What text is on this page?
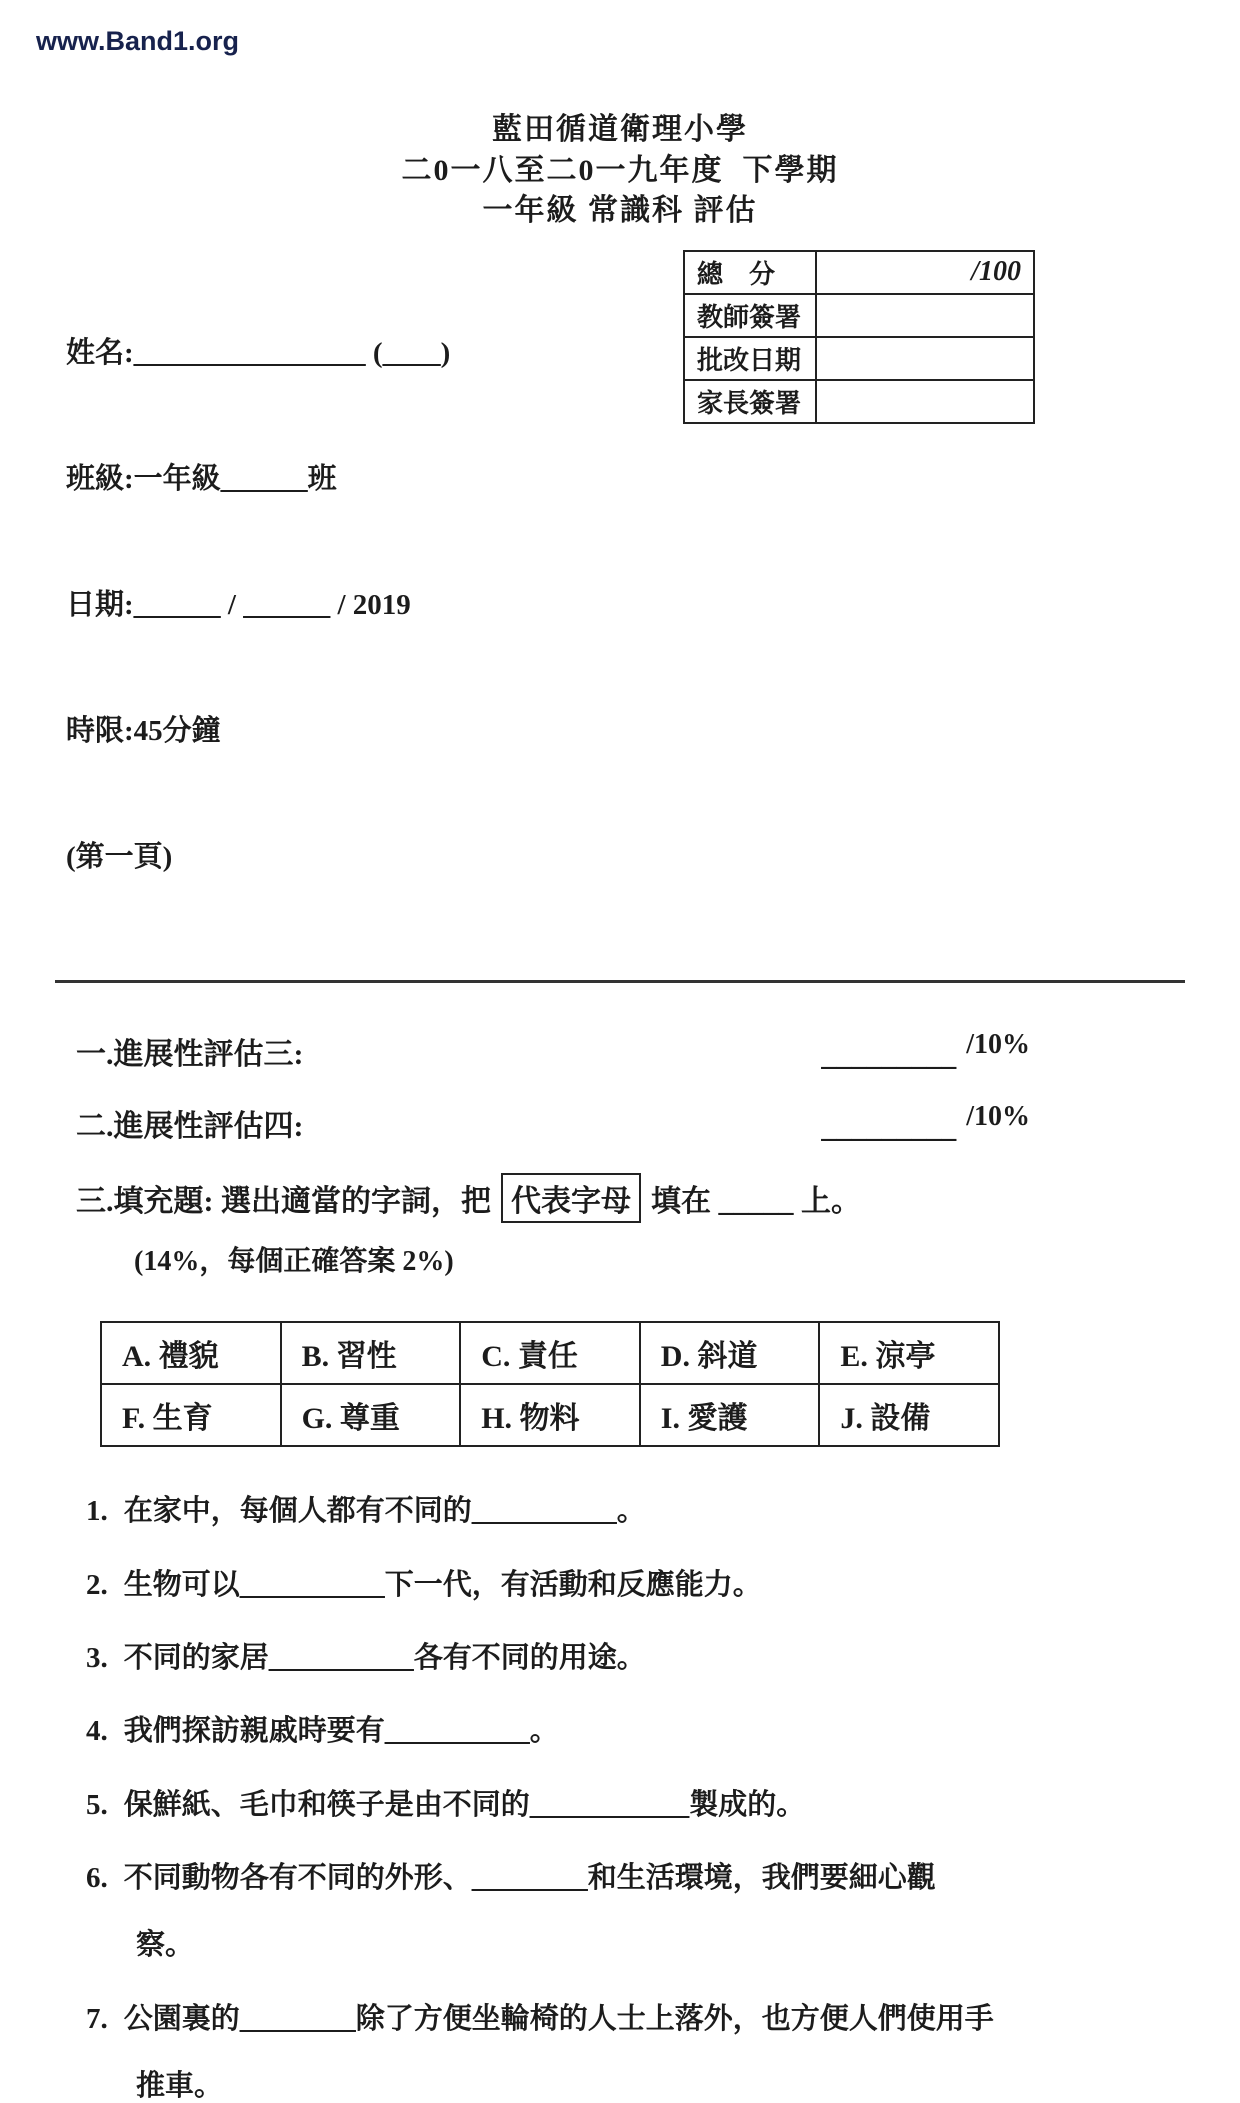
www.Band1.org
藍田循道衛理小學
二0一八至二0一九年度  下學期
一年級 常識科 評估

姓名:________________ (____)

班級:一年級______班

日期:______ / ______ / 2019

時限:45分鐘

(第一頁)

總    分	/100
教師簽署	
批改日期	
家長簽署	
一.進展性評估三:	_________ /10%
二.進展性評估四:	_________ /10%
三.填充題: 選出適當的字詞，把 代表字母 填在 _____ 上。
(14%，每個正確答案 2%)
A. 禮貌	B. 習性	C. 責任	D. 斜道	E. 涼亭
F. 生育	G. 尊重	H. 物料	I. 愛護	J. 設備
1. 在家中，每個人都有不同的__________。
2. 生物可以__________下一代，有活動和反應能力。
3. 不同的家居__________各有不同的用途。
4. 我們探訪親戚時要有__________。
5. 保鮮紙、毛巾和筷子是由不同的___________製成的。
6. 不同動物各有不同的外形、________和生活環境，我們要細心觀
察。
7. 公園裏的________除了方便坐輪椅的人士上落外，也方便人們使用手
推車。
